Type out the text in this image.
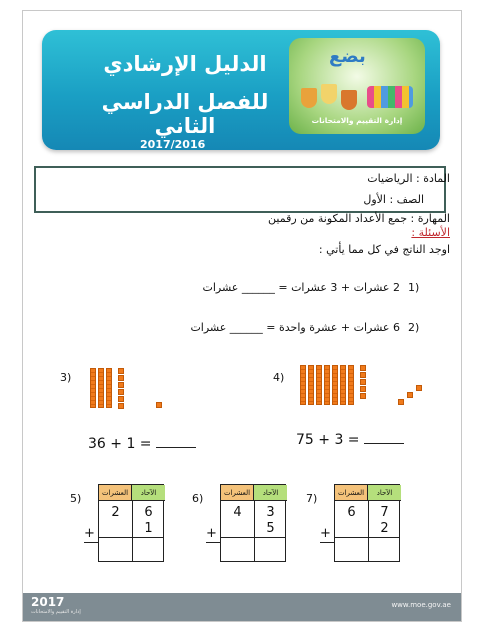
الدليل الإرشادي
للفصل الدراسي الثاني
2017/2016
بضع
إدارة التقييم والامتحانات
المادة : الرياضيات
الصف : الأول
المهارة : جمع الأعداد المكونة من رقمين
الأسئلة :
اوجد الناتج في كل مما يأتي :
1)
2 عشرات + 3 عشرات = ______ عشرات
2)
6 عشرات + عشرة واحدة = ______ عشرات
3)
36 + 1 =
4)
75 + 3 =
5)
+
العشرات	الآحاد
2	6
1
6)
+
العشرات	الآحاد
4	3
5
7)
+
العشرات	الآحاد
6	7
2
2017
إدارة التقييم والامتحانات
www.moe.gov.ae
